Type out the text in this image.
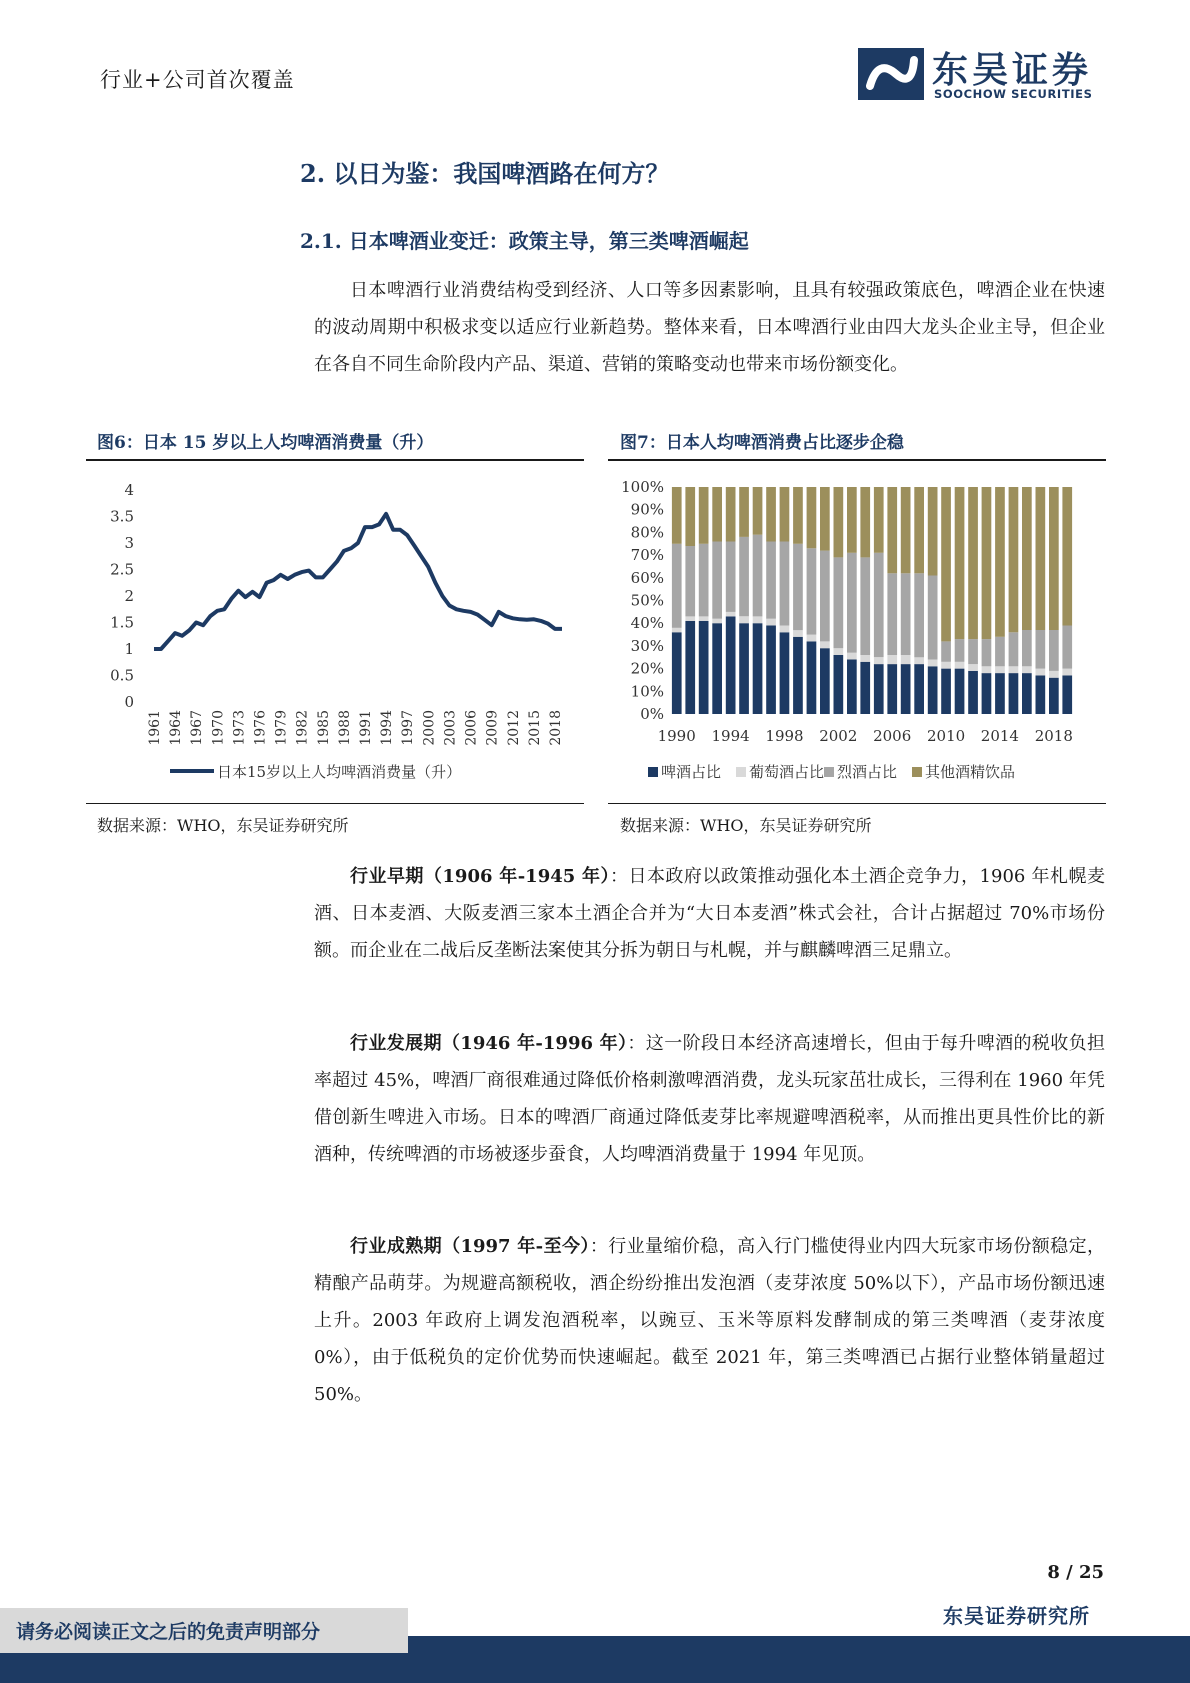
行业+公司首次覆盖	东吴证券
SOOCHOW SECURITIES
2. 以日为鉴：我国啤酒路在何方？
2.1. 日本啤酒业变迁：政策主导，第三类啤酒崛起

日本啤酒行业消费结构受到经济、人口等多因素影响，且具有较强政策底色，啤酒企业在快速的波动周期中积极求变以适应行业新趋势。整体来看，日本啤酒行业由四大龙头企业主导，但企业在各自不同生命阶段内产品、渠道、营销的策略变动也带来市场份额变化。

图6：日本 15 岁以上人均啤酒消费量（升）
0
0.5
1
1.5
2
2.5
3
3.5
4
1961 1964 1967 1970 1973 1976 1979 1982 1985 1988 1991 1994 1997 2000 2003 2006 2009 2012 2015 2018
日本15岁以上人均啤酒消费量（升）
数据来源：WHO，东吴证券研究所
图7：日本人均啤酒消费占比逐步企稳
0%
10%
20%
30%
40%
50%
60%
70%
80%
90%
100%
1990 1994 1998 2002 2006 2010 2014 2018
啤酒占比 葡萄酒占比 烈酒占比 其他酒精饮品
数据来源：WHO，东吴证券研究所

行业早期（1906 年-1945 年）：日本政府以政策推动强化本土酒企竞争力，1906 年札幌麦酒、日本麦酒、大阪麦酒三家本土酒企合并为“大日本麦酒”株式会社，合计占据超过 70%市场份额。而企业在二战后反垄断法案使其分拆为朝日与札幌，并与麒麟啤酒三足鼎立。

行业发展期（1946 年-1996 年）：这一阶段日本经济高速增长，但由于每升啤酒的税收负担率超过 45%，啤酒厂商很难通过降低价格刺激啤酒消费，龙头玩家茁壮成长，三得利在 1960 年凭借创新生啤进入市场。日本的啤酒厂商通过降低麦芽比率规避啤酒税率，从而推出更具性价比的新酒种，传统啤酒的市场被逐步蚕食，人均啤酒消费量于 1994 年见顶。

行业成熟期（1997 年-至今）：行业量缩价稳，高入行门槛使得业内四大玩家市场份额稳定，精酿产品萌芽。为规避高额税收，酒企纷纷推出发泡酒（麦芽浓度 50%以下），产品市场份额迅速上升。2003 年政府上调发泡酒税率，以豌豆、玉米等原料发酵制成的第三类啤酒（麦芽浓度 0%），由于低税负的定价优势而快速崛起。截至 2021 年，第三类啤酒已占据行业整体销量超过 50%。

8 / 25
东吴证券研究所
请务必阅读正文之后的免责声明部分
